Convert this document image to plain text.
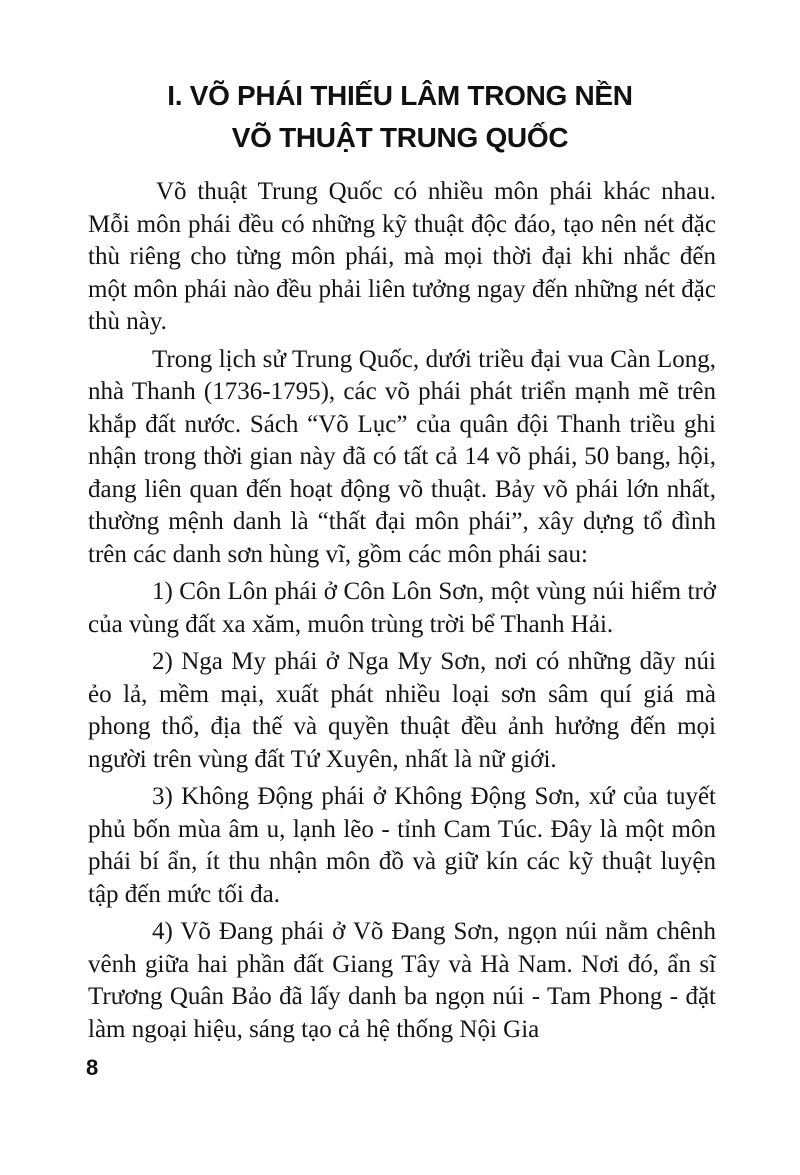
I. VÕ PHÁI THIẾU LÂM TRONG NỀN
VÕ THUẬT TRUNG QUỐC

Võ thuật Trung Quốc có nhiều môn phái khác nhau. Mỗi môn phái đều có những kỹ thuật độc đáo, tạo nên nét đặc thù riêng cho từng môn phái, mà mọi thời đại khi nhắc đến một môn phái nào đều phải liên tưởng ngay đến những nét đặc thù này.

Trong lịch sử Trung Quốc, dưới triều đại vua Càn Long, nhà Thanh (1736-1795), các võ phái phát triển mạnh mẽ trên khắp đất nước. Sách “Võ Lục” của quân đội Thanh triều ghi nhận trong thời gian này đã có tất cả 14 võ phái, 50 bang, hội, đang liên quan đến hoạt động võ thuật. Bảy võ phái lớn nhất, thường mệnh danh là “thất đại môn phái”, xây dựng tổ đình trên các danh sơn hùng vĩ, gồm các môn phái sau:

1) Côn Lôn phái ở Côn Lôn Sơn, một vùng núi hiểm trở của vùng đất xa xăm, muôn trùng trời bể Thanh Hải.

2) Nga My phái ở Nga My Sơn, nơi có những dãy núi ẻo lả, mềm mại, xuất phát nhiều loại sơn sâm quí giá mà phong thổ, địa thế và quyền thuật đều ảnh hưởng đến mọi người trên vùng đất Tứ Xuyên, nhất là nữ giới.

3) Không Động phái ở Không Động Sơn, xứ của tuyết phủ bốn mùa âm u, lạnh lẽo - tỉnh Cam Túc. Đây là một môn phái bí ẩn, ít thu nhận môn đồ và giữ kín các kỹ thuật luyện tập đến mức tối đa.

4) Võ Đang phái ở Võ Đang Sơn, ngọn núi nằm chênh vênh giữa hai phần đất Giang Tây và Hà Nam. Nơi đó, ẩn sĩ Trương Quân Bảo đã lấy danh ba ngọn núi - Tam Phong - đặt làm ngoại hiệu, sáng tạo cả hệ thống Nội Gia

8
